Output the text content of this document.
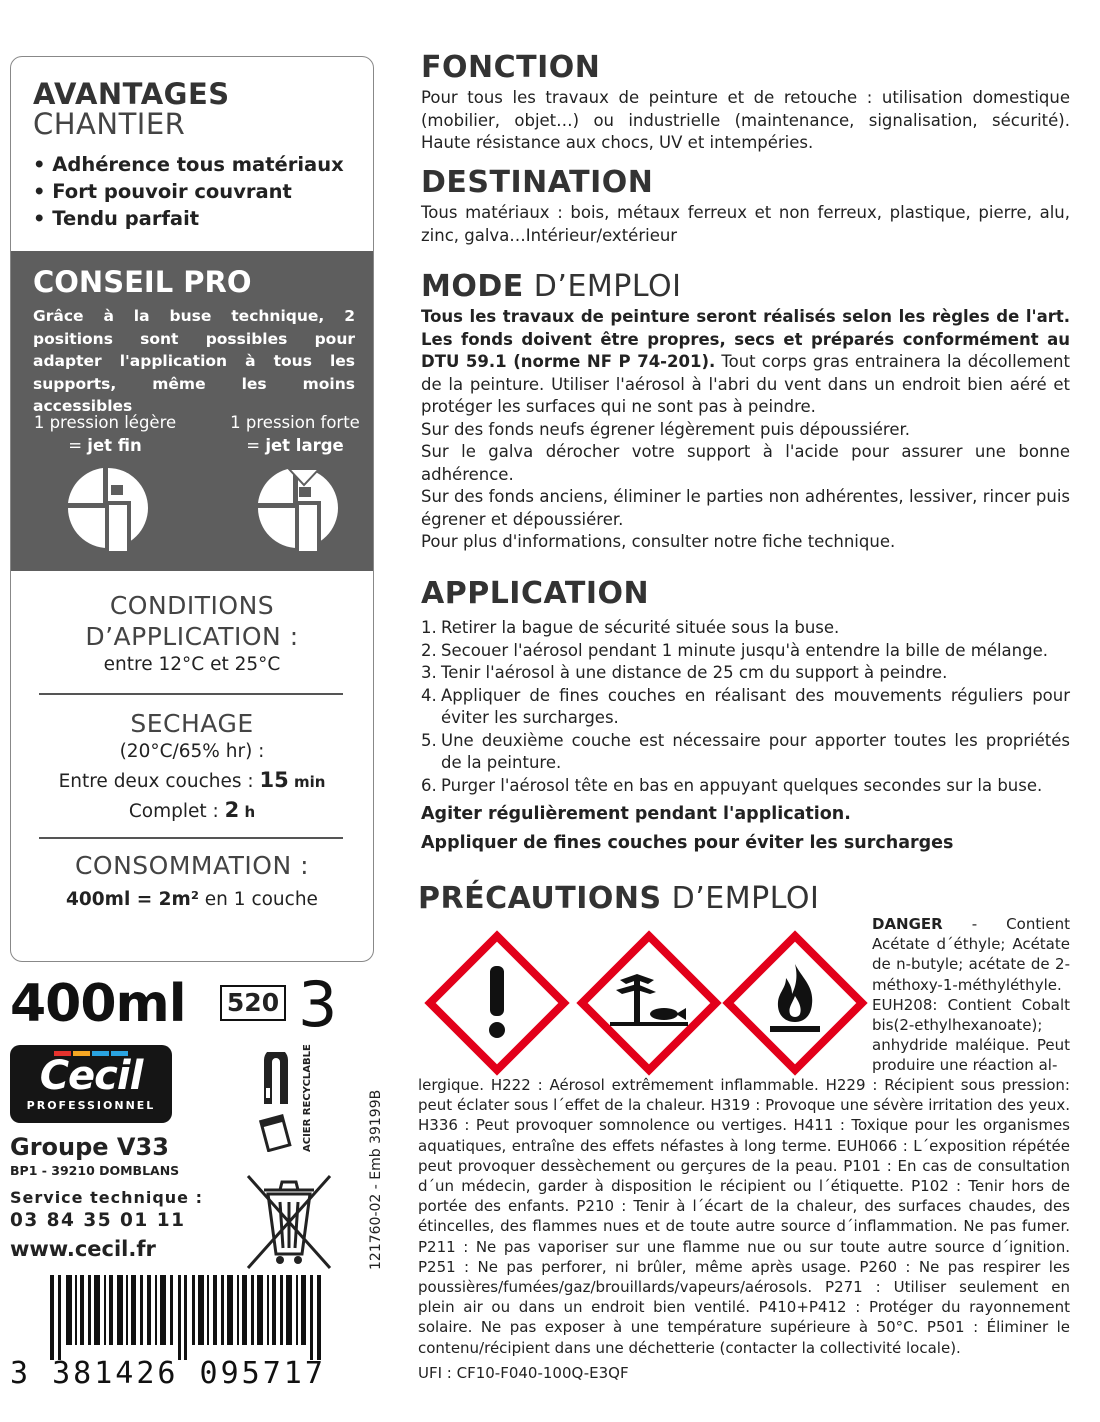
AVANTAGES
CHANTIER
• Adhérence tous matériaux
• Fort pouvoir couvrant
• Tendu parfait
CONSEIL PRO
Grâce à la buse technique, 2 positions sont possibles pour adapter l'application à tous les supports, même les moins accessibles
1 pression légère
= jet fin
1 pression forte
= jet large
CONDITIONS
D’APPLICATION :
entre 12°C et 25°C
SECHAGE
(20°C/65% hr) :
Entre deux couches : 15 min
Complet : 2 h
CONSOMMATION :
400ml = 2m² en 1 couche
400ml 520 3
Cecil
PROFESSIONNEL
Groupe V33
BP1 - 39210 DOMBLANS
Service technique :
03 84 35 01 11
www.cecil.fr
ACIER RECYCLABLE	121760-02 - Emb 39199B
3 381426 095717
FONCTION
Pour tous les travaux de peinture et de retouche : utilisation domestique (mobilier, objet…) ou industrielle (maintenance, signalisation, sécurité). Haute résistance aux chocs, UV et intempéries.
DESTINATION
Tous matériaux : bois, métaux ferreux et non ferreux, plastique, pierre, alu, zinc, galva…Intérieur/extérieur
MODE D’EMPLOI
Tous les travaux de peinture seront réalisés selon les règles de l'art. Les fonds doivent être propres, secs et préparés conformément au DTU 59.1 (norme NF P 74-201). Tout corps gras entrainera la décollement de la peinture. Utiliser l'aérosol à l'abri du vent dans un endroit bien aéré et protéger les surfaces qui ne sont pas à peindre.
Sur des fonds neufs égrener légèrement puis dépoussiérer.
Sur le galva dérocher votre support à l'acide pour assurer une bonne adhérence.
Sur des fonds anciens, éliminer le parties non adhérentes, lessiver, rincer puis égrener et dépoussiérer.
Pour plus d'informations, consulter notre fiche technique.
APPLICATION
1. Retirer la bague de sécurité située sous la buse.
2. Secouer l'aérosol pendant 1 minute jusqu'à entendre la bille de mélange.
3. Tenir l'aérosol à une distance de 25 cm du support à peindre.
4. Appliquer de fines couches en réalisant des mouvements réguliers pour éviter les surcharges.
5. Une deuxième couche est nécessaire pour apporter toutes les propriétés de la peinture.
6. Purger l'aérosol tête en bas en appuyant quelques secondes sur la buse.
Agiter régulièrement pendant l'application.
Appliquer de fines couches pour éviter les surcharges
PRÉCAUTIONS D’EMPLOI
DANGER - Contient Acétate d´éthyle; Acétate de n-butyle; acétate de 2-méthoxy-1-méthyléthyle. EUH208: Contient Cobalt bis(2-ethylhexanoate); anhydride maléique. Peut produire une réaction al-
lergique. H222 : Aérosol extrêmement inflammable. H229 : Récipient sous pression: peut éclater sous l´effet de la chaleur. H319 : Provoque une sévère irritation des yeux. H336 : Peut provoquer somnolence ou vertiges. H411 : Toxique pour les organismes aquatiques, entraîne des effets néfastes à long terme. EUH066 : L´exposition répétée peut provoquer dessèchement ou gerçures de la peau. P101 : En cas de consultation d´un médecin, garder à disposition le récipient ou l´étiquette. P102 : Tenir hors de portée des enfants. P210 : Tenir à l´écart de la chaleur, des surfaces chaudes, des étincelles, des flammes nues et de toute autre source d´inflammation. Ne pas fumer. P211 : Ne pas vaporiser sur une flamme nue ou sur toute autre source d´ignition. P251 : Ne pas perforer, ni brûler, même après usage. P260 : Ne pas respirer les poussières/fumées/gaz/brouillards/vapeurs/aérosols. P271 : Utiliser seulement en plein air ou dans un endroit bien ventilé. P410+P412 : Protéger du rayonnement solaire. Ne pas exposer à une température supérieure à 50°C. P501 : Éliminer le contenu/récipient dans une déchetterie (contacter la collectivité locale).
UFI : CF10-F040-100Q-E3QF
